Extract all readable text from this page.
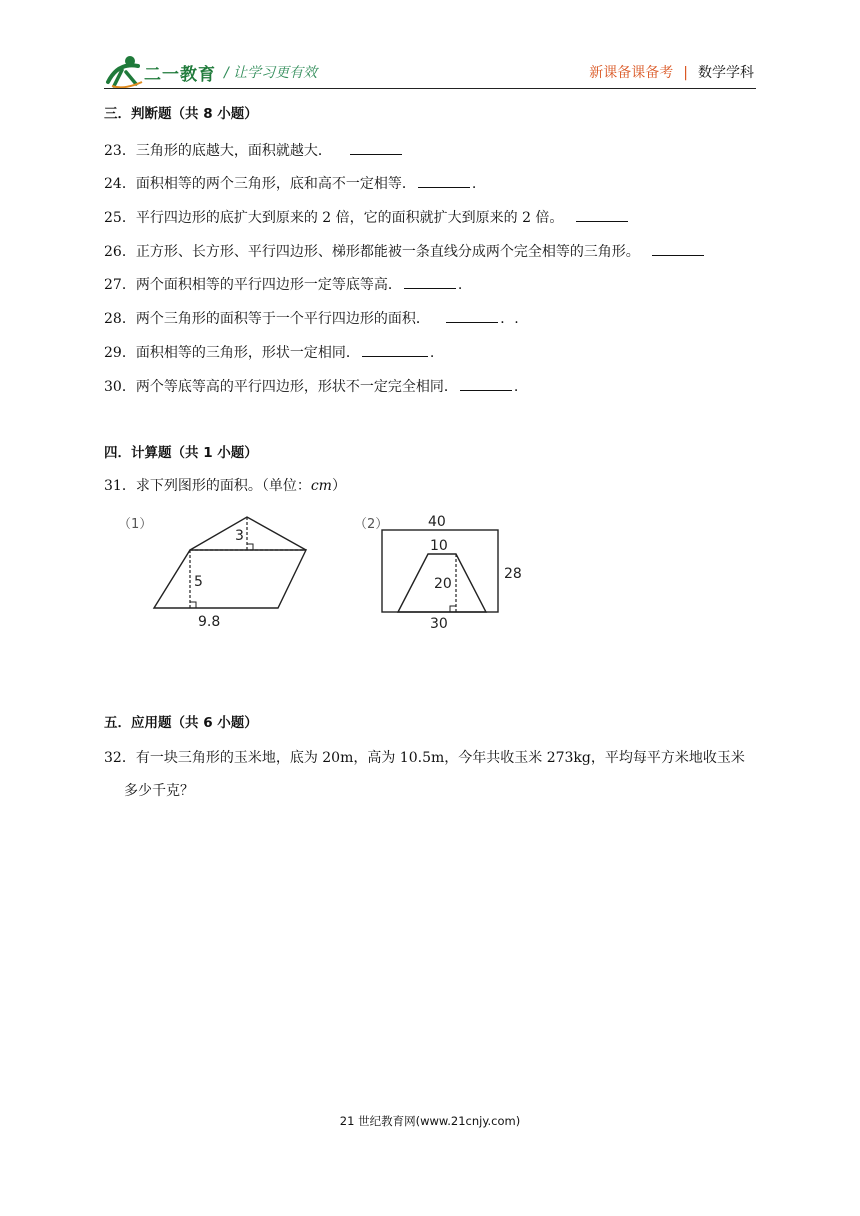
二一教育 / 让学习更有效	新课备课备考 | 数学学科
三．判断题（共 8 小题）
23．三角形的底越大，面积就越大．
24．面积相等的两个三角形，底和高不一定相等．	.
25．平行四边形的底扩大到原来的 2 倍，它的面积就扩大到原来的 2 倍。
26．正方形、长方形、平行四边形、梯形都能被一条直线分成两个完全相等的三角形。
27．两个面积相等的平行四边形一定等底等高．	.
28．两个三角形的面积等于一个平行四边形的面积．	．.
29．面积相等的三角形，形状一定相同．	.
30．两个等底等高的平行四边形，形状不一定完全相同．	.
四．计算题（共 1 小题）
31．求下列图形的面积。（单位：cm）
（1）
3
5
9.8
（2）	40
10
20
28
30
五．应用题（共 6 小题）
32．有一块三角形的玉米地，底为 20m，高为 10.5m，今年共收玉米 273kg，平均每平方米地收玉米
多少千克？
21 世纪教育网(www.21cnjy.com)
